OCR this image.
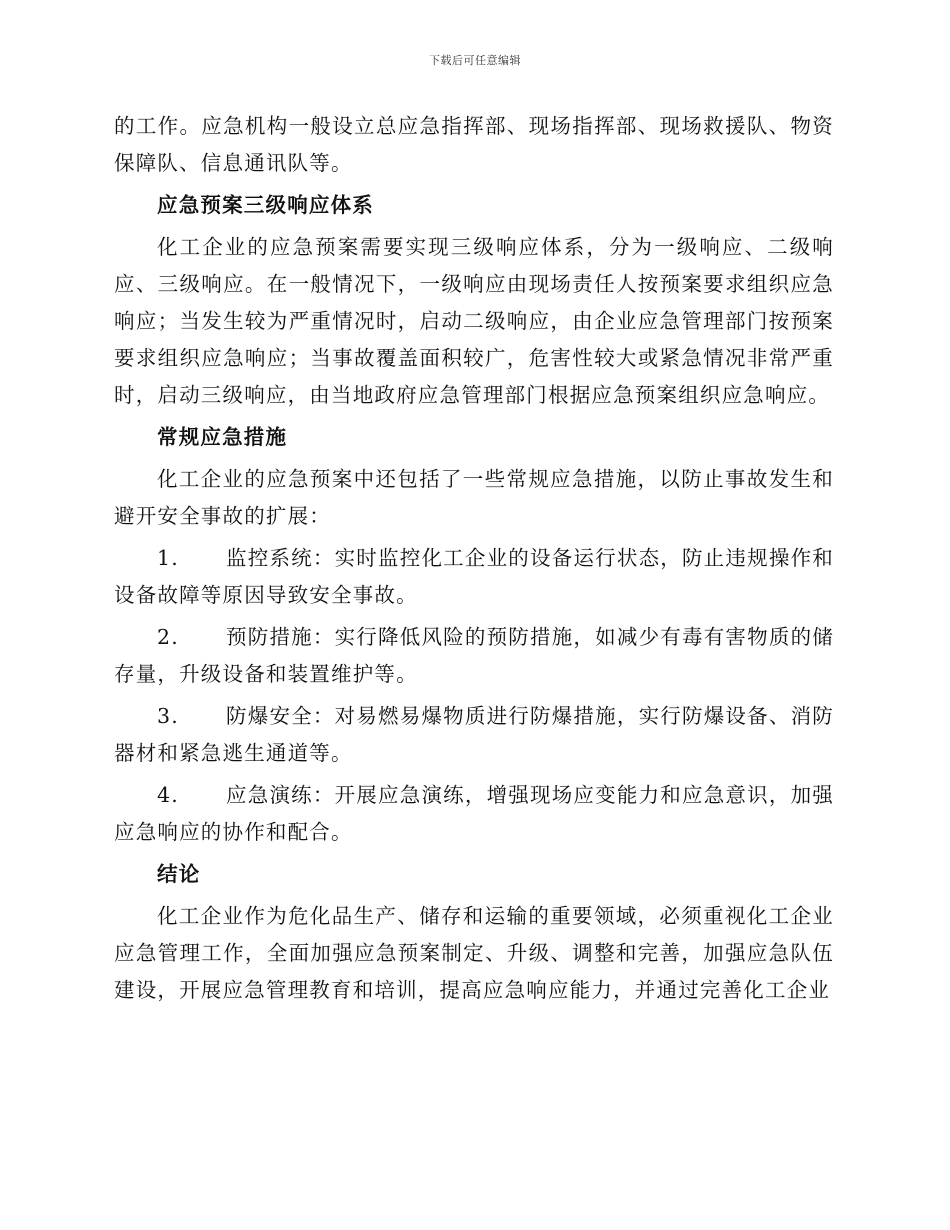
下载后可任意编辑

的工作。应急机构一般设立总应急指挥部、现场指挥部、现场救援队、物资保障队、信息通讯队等。

应急预案三级响应体系

化工企业的应急预案需要实现三级响应体系，分为一级响应、二级响应、三级响应。在一般情况下，一级响应由现场责任人按预案要求组织应急响应；当发生较为严重情况时，启动二级响应，由企业应急管理部门按预案要求组织应急响应；当事故覆盖面积较广，危害性较大或紧急情况非常严重时，启动三级响应，由当地政府应急管理部门根据应急预案组织应急响应。

常规应急措施

化工企业的应急预案中还包括了一些常规应急措施，以防止事故发生和避开安全事故的扩展：

1. 监控系统：实时监控化工企业的设备运行状态，防止违规操作和设备故障等原因导致安全事故。

2. 预防措施：实行降低风险的预防措施，如减少有毒有害物质的储存量，升级设备和装置维护等。

3. 防爆安全：对易燃易爆物质进行防爆措施，实行防爆设备、消防器材和紧急逃生通道等。

4. 应急演练：开展应急演练，增强现场应变能力和应急意识，加强应急响应的协作和配合。

结论

化工企业作为危化品生产、储存和运输的重要领域，必须重视化工企业应急管理工作，全面加强应急预案制定、升级、调整和完善，加强应急队伍建设，开展应急管理教育和培训，提高应急响应能力，并通过完善化工企业
